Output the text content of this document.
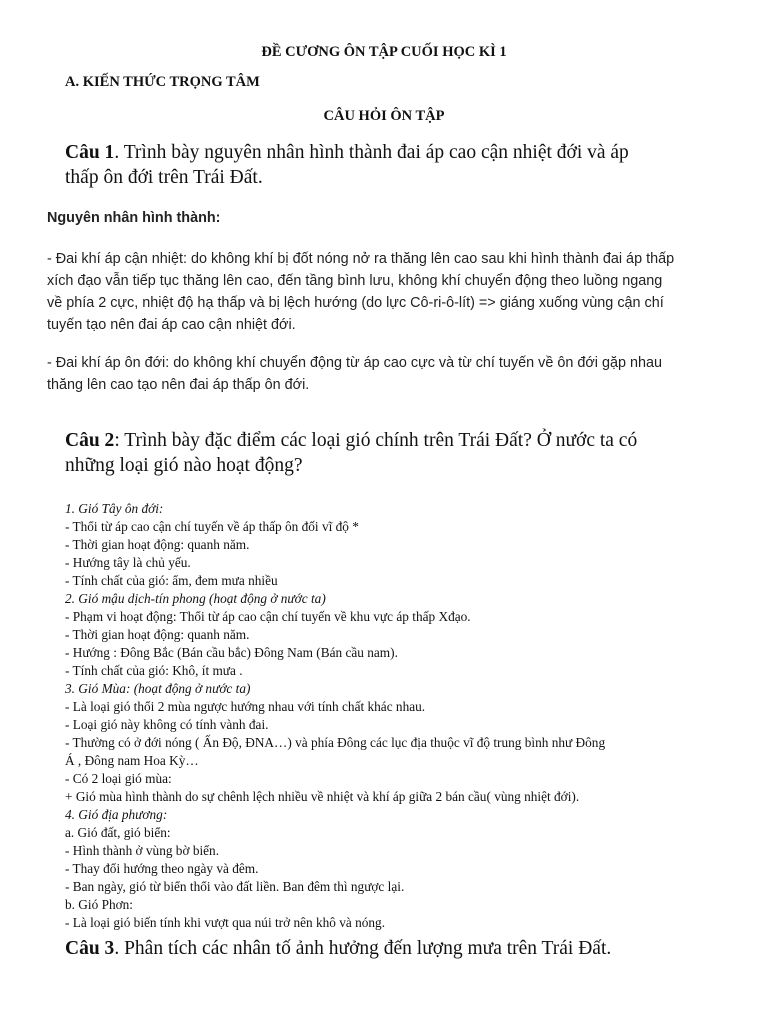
ĐỀ CƯƠNG ÔN TẬP CUỐI HỌC KÌ 1
A. KIẾN THỨC TRỌNG TÂM
CÂU HỎI ÔN TẬP
Câu 1. Trình bày nguyên nhân hình thành đai áp cao cận nhiệt đới và áp
thấp ôn đới trên Trái Đất.
Nguyên nhân hình thành:
- Đai khí áp cận nhiệt: do không khí bị đốt nóng nở ra thăng lên cao sau khi hình thành đai áp thấp
xích đạo vẫn tiếp tục thăng lên cao, đến tầng bình lưu, không khí chuyển động theo luồng ngang
về phía 2 cực, nhiệt độ hạ thấp và bị lệch hướng (do lực Cô-ri-ô-lít) => giáng xuống vùng cận chí
tuyến tạo nên đai áp cao cận nhiệt đới.
- Đai khí áp ôn đới: do không khí chuyển động từ áp cao cực và từ chí tuyến về ôn đới gặp nhau
thăng lên cao tạo nên đai áp thấp ôn đới.
Câu 2: Trình bày đặc điểm các loại gió chính trên Trái Đất? Ở nước ta có
những loại gió nào hoạt động?
1. Gió Tây ôn đới:
- Thổi từ áp cao cận chí tuyến về áp thấp ôn đối vĩ độ *
- Thời gian hoạt động: quanh năm.
- Hướng tây là chủ yếu.
- Tính chất của gió: ẩm, đem mưa nhiều
2. Gió mậu dịch-tín phong (hoạt động ở nước ta)
- Phạm vi hoạt động: Thổi từ áp cao cận chí tuyến về khu vực áp thấp Xđạo.
- Thời gian hoạt động: quanh năm.
- Hướng : Đông Bắc (Bán cầu bắc) Đông Nam (Bán cầu nam).
- Tính chất của gió: Khô, ít mưa .
3. Gió Mùa: (hoạt động ở nước ta)
- Là loại gió thổi 2 mùa ngược hướng nhau với tính chất khác nhau.
- Loại gió này không có tính vành đai.
- Thường có ở đới nóng ( Ấn Độ, ĐNA…) và phía Đông các lục địa thuộc vĩ độ trung bình như Đông
Á , Đông nam Hoa Kỳ…
- Có 2 loại gió mùa:
+ Gió mùa hình thành do sự chênh lệch nhiều về nhiệt và khí áp giữa 2 bán cầu( vùng nhiệt đới).
4. Gió địa phương:
a. Gió đất, gió biển:
- Hình thành ở vùng bờ biển.
- Thay đổi hướng theo ngày và đêm.
- Ban ngày, gió từ biển thổi vào đất liền. Ban đêm thì ngược lại.
b. Gió Phơn:
- Là loại gió biến tính khi vượt qua núi trở nên khô và nóng.
Câu 3. Phân tích các nhân tố ảnh hưởng đến lượng mưa trên Trái Đất.
